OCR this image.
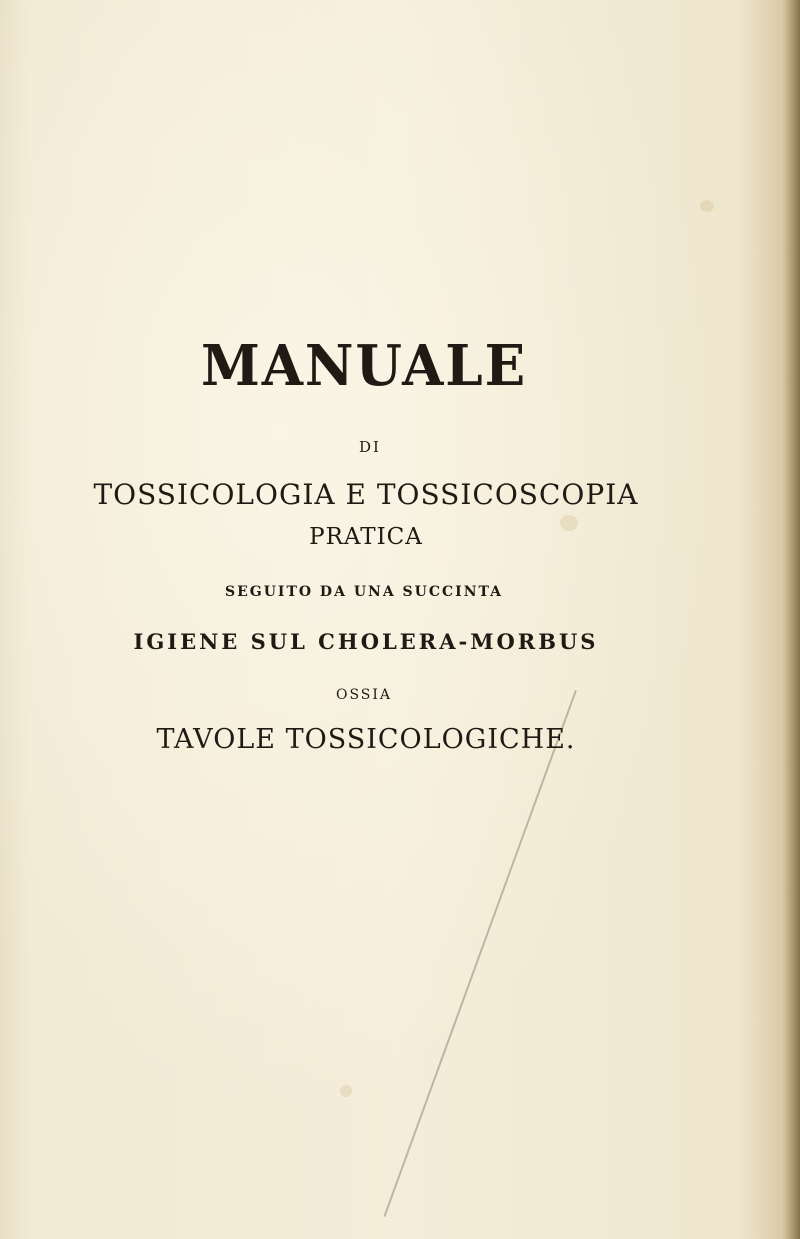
MANUALE
DI
TOSSICOLOGIA E TOSSICOSCOPIA
PRATICA
SEGUITO DA UNA SUCCINTA
IGIENE SUL CHOLERA-MORBUS
OSSIA
TAVOLE TOSSICOLOGICHE.
